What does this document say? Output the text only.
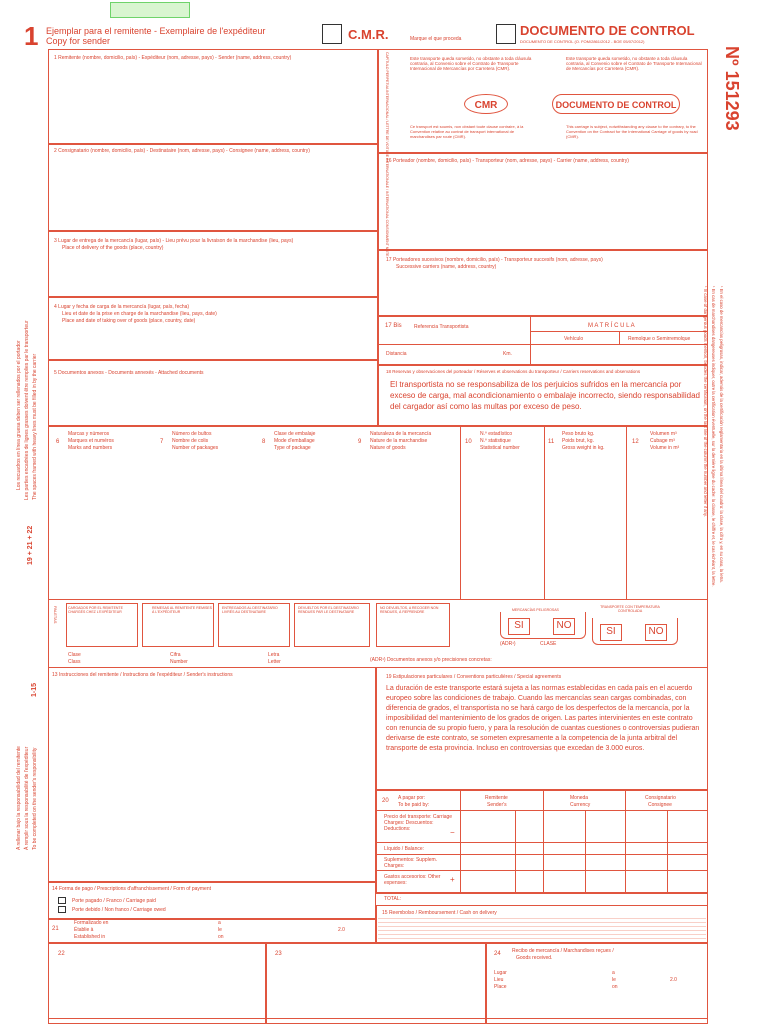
1 Ejemplar para el remitente - Exemplaire de l'expéditeur
Copy for sender	C.M.R.	Marque el que proceda
DOCUMENTO DE CONTROL
DOCUMENTO DE CONTROL (O. FOM/2861/2012 - BOE 05/07/2012)
Nº 151293
1 Remitente (nombre, domicilio, país) - Expéditeur (nom, adresse, pays) - Sender (name, address, country)
2 Consignatario (nombre, domicilio, país) - Destinataire (nom, adresse, pays) - Consignee (name, address, country)
3 Lugar de entrega de la mercancía (lugar, país) - Lieu prévu pour la livraison de la marchandise (lieu, pays)
Place of delivery of the goods (place, country)
4 Lugar y fecha de carga de la mercancía (lugar, país, fecha)
Lieu et date de la prise en charge de la marchandise (lieu, pays, date)
Place and date of taking over of goods (place, country, date)
5 Documentos anexos - Documents annexés - Attached documents
CAPÍTULO PERPETUA INTERNACIONAL / LETTRE DE VOITURE INTERNATIONALE / INTERNATIONAL CONSIGNMENT NOTE	Este transporte queda sometido, no obstante a toda cláusula contraria, al Convenio sobre el Contrato de Transporte Internacional de Mercancías por Carretera (CMR).
CMR
Ce transport est soumis, non obstant toute clause contraire, à la Convention relative au contrat de transport international de marchandises par route (CMR).
Este transporte queda sometido, no obstante a toda cláusula contraria, al Convenio sobre el Contrato de Transporte Internacional de Mercancías por Carretera (CMR).
DOCUMENTO DE CONTROL
This carriage is subject, notwithstanding any clause to the contrary, to the Convention on the Contract for the International Carriage of goods by road (CMR).
16 Porteador (nombre, domicilio, país) - Transporteur (nom, adresse, pays) - Carrier (name, address, country)
17 Porteadores sucesivos (nombre, domicilio, país) - Transporteur succesifs (nom, adresse, pays)
Successive carriers (name, address, country)
17 Bis Referencia Transportista	M A T R Í C U L A
Vehículo	Remolque o Semirremolque
Distancia	Km.
18 Reservas y observaciones del porteador / Réserves et observations du transporteur / Carriers reservations and observations
El transportista no se responsabiliza de los perjuicios sufridos en la mercancía por exceso de carga, mal acondicionamiento o embalaje incorrecto, siendo responsabilidad del cargador así como las multas por exceso de peso.
6
Marcas y números
Marques et numéros
Marks and numbers
7
Número de bultos
Nombre de colis
Number of packages
8
Clase de embalaje
Mode d'emballage
Type of package
9
Naturaleza de la mercancía
Nature de la marchandise
Nature of goods
10
N.º estadístico
N.º statistique
Statistical number
11
Peso bruto kg.
Poids brut, kg.
Gross weight in kg.
12
Volumen m³
Cubage m³
Volume in m³
PALETAS	CARGADOS POR EL REMITENTE CHARGÉS CHEZ L'EXPÉDITEUR
REMESAS AL REMITENTE REMISES À L'EXPÉDITEUR
ENTREGADOS AL DESTINATARIO LIVRÉS AU DESTINATAIRE
DEVUELTOS POR EL DESTINATARIO RENDUES PAR LE DESTINATAIRE
NO DEVUELTOS, A RECOGER NON RENDUES, À REPRENDRE	MERCANCÍAS PELIGROSAS
SI	NO
(ADR¹)	CLASE
TRANSPORTE CON TEMPERATURA CONTROLADA
SI	NO
Clase
Class
Cifra
Number
Letra
Letter	(ADR¹) Documentos anexos y/o precisiones concretas:
13 Instrucciones del remitente / Instructions de l'expéditeur / Sender's instructions	19 Estipulaciones particulares / Conventions particulières / Special agreements
La duración de este transporte estará sujeta a las normas establecidas en cada país en el acuerdo europeo sobre las condiciones de trabajo. Cuando las mercancías sean cargas combinadas, con diferencia de grados, el transportista no se hará cargo de los desperfectos de la mercancía, por la imposibilidad del mantenimiento de los grados de origen. Las partes intervinientes en este contrato con renuncia de su propio fuero, y para la resolución de cuantas cuestiones o controversias pudieran derivarse de este contrato, se someten expresamente a la competencia de la junta arbitral del transporte de esta provincia. Incluso en controversias que excedan de 3.000 euros.
20 A pagar por:
To be paid by:
Remitente
Sender's
Moneda
Currency
Consignatario
Consignee
Precio del transporte: Carriage Charges: Descuentos: Deductions:	−
Líquido / Balance:
Suplementos: Supplem. Charges:
Gastos accesorios: Other expenses:	+
TOTAL:
14 Forma de pago / Prescriptions d'affranchissement / Form of payment
Porte pagado / Franco / Carriage paid
Porte debido / Non franco / Carriage owed
21
Formalizado en
Établie à
Established in
a
le
on
2.0
15 Reembolso / Remboursement / Cash on delivery
22	23	24 Recibo de mercancía / Marchandises reçues /
Goods received.
Lugar
Lieu
Place
a
le
on
2.0
Los recuadros en línea gruesa deben ser rellenados por el portador Les parties encadrées de lignes grasses doivent être remplies par le transporteur The spaces framed with heavy lines must be filled in by the carrier
19 + 21 + 22
1-15
A rellenar bajo la responsabilidad del remitente À remplir sous la responsabilité de l'expéditeur To be completed on the sender's responsibility
¹ En el caso de mercancías peligrosas, indicar, además de la certificación reglamentaria en la última línea del cuadro: la clase, la cifra y, en su caso, la letra.
¹ En cas de marchandises dangereuses indiquer, outre la certification éventuelle, sur la dernière ligne du cadre: la classe, le chiffre et, le cas échéant, la lettre.
¹ In case of dangerous goods mention, besides the certification, on the last line of the column the number and letter if any.
